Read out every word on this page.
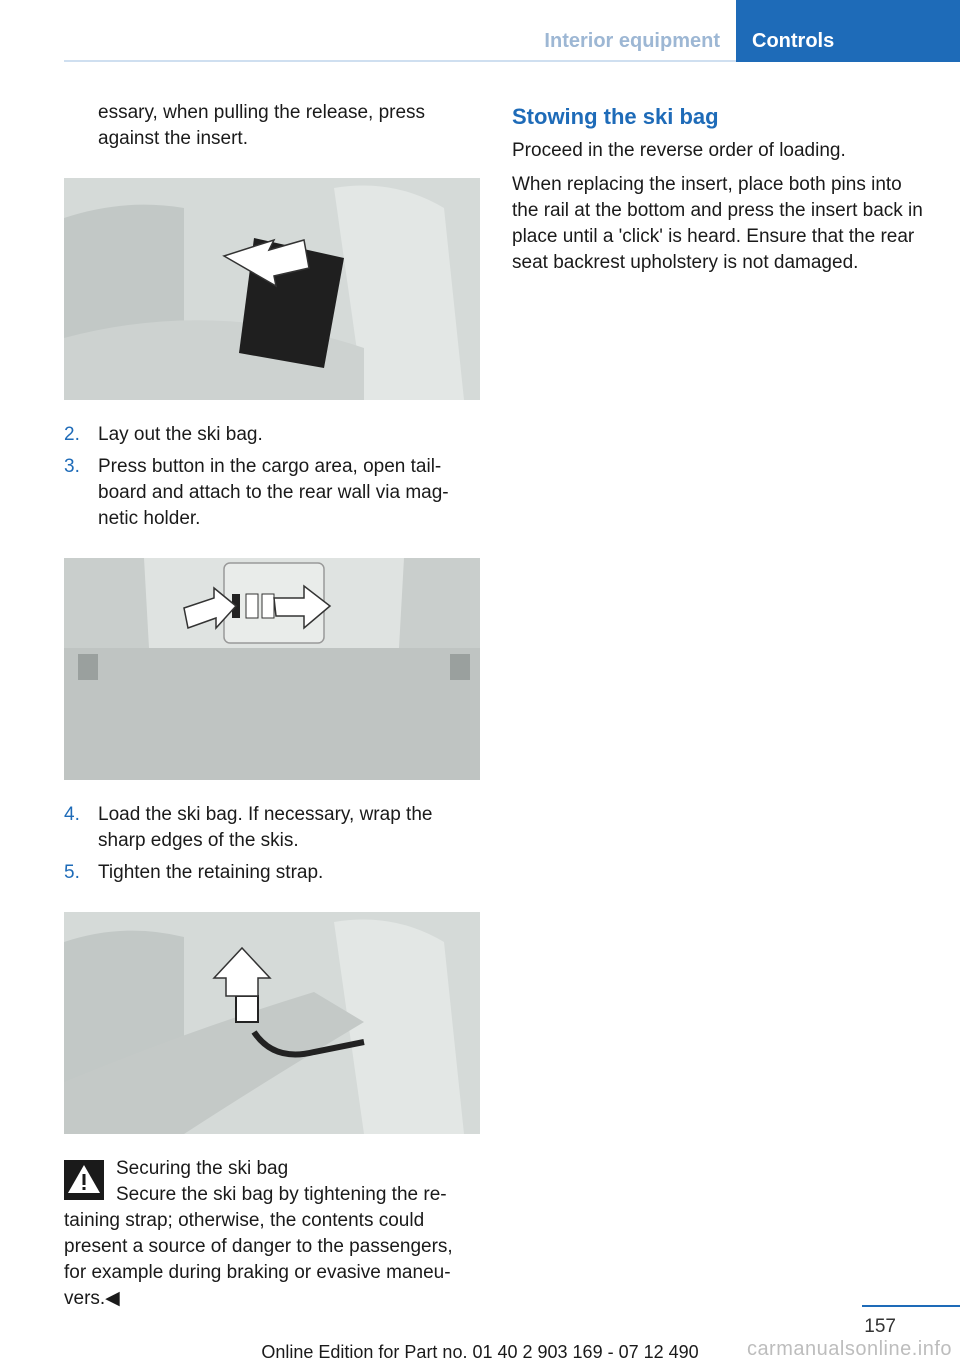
Interior equipment Controls

essary, when pulling the release, press against the insert.

2. Lay out the ski bag.
3. Press button in the cargo area, open tail-board and attach to the rear wall via mag-netic holder.
4. Load the ski bag. If necessary, wrap the sharp edges of the skis.
5. Tighten the retaining strap.
Securing the ski bag
Secure the ski bag by tightening the re-taining strap; otherwise, the contents could present a source of danger to the passengers, for example during braking or evasive maneu-vers.◀
Stowing the ski bag

Proceed in the reverse order of loading.

When replacing the insert, place both pins into the rail at the bottom and press the insert back in place until a 'click' is heard. Ensure that the rear seat backrest upholstery is not damaged.

157
Online Edition for Part no. 01 40 2 903 169 - 07 12 490	carmanualsonline.info
